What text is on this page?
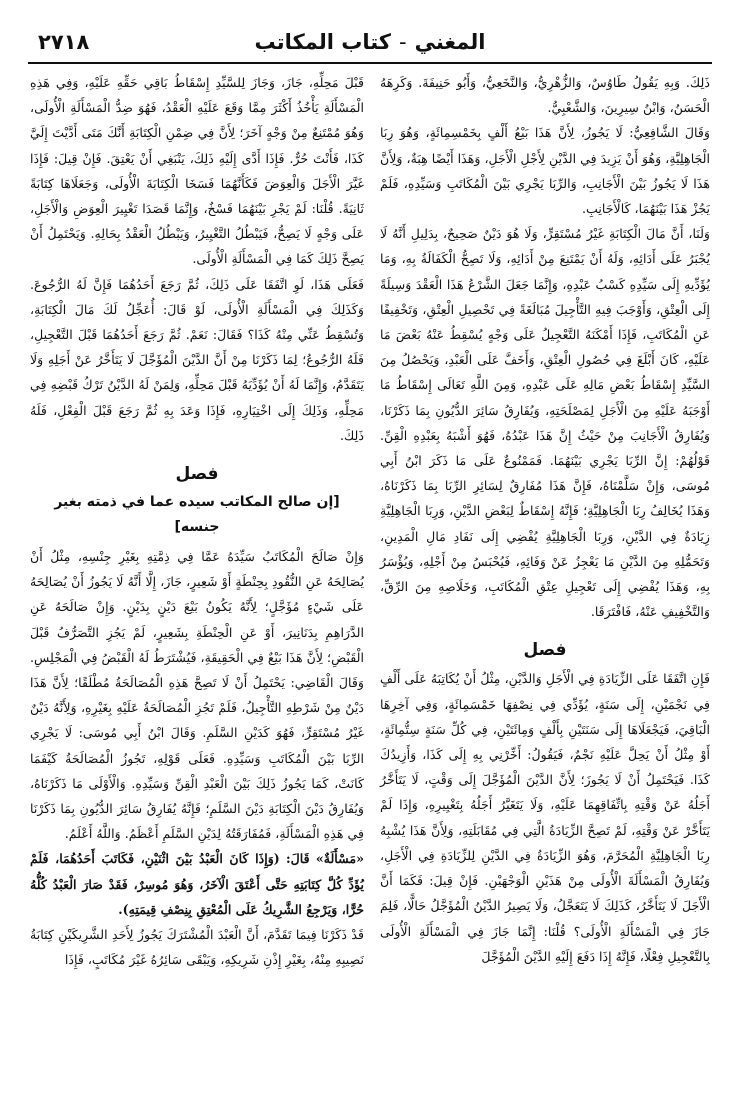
٢٧١٨	المغني-كتاب المكاتب

ذَلِكَ. وَبِهِ يَقُولُ طَاوُسٌ، وَالزُّهْرِيُّ، وَالنَّخَعِيُّ، وَأَبُو حَنِيفَةَ. وَكَرِهَهُ الْحَسَنُ، وَابْنُ سِيرِينَ، وَالشَّعْبِيُّ.

وَقَالَ الشَّافِعِيُّ: لَا يَجُوزُ، لِأَنَّ هَذَا بَيْعُ أَلْفٍ بِخَمْسِمِائَةٍ، وَهُوَ رِبَا الْجَاهِلِيَّةِ، وَهُوَ أَنْ يَزِيدَ فِي الدَّيْنِ لِأَجْلِ الْأَجَلِ، وَهَذَا أَيْضًا هِبَةٌ، وَلِأَنَّ هَذَا لَا يَجُوزُ بَيْنَ الْأَجَانِبِ، وَالرِّبَا يَجْرِي بَيْنَ الْمُكَاتَبِ وَسَيِّدِهِ، فَلَمْ يَجُزْ هَذَا بَيْنَهُمَا، كَالْأَجَانِبِ.

وَلَنَا، أَنَّ مَالَ الْكِتَابَةِ غَيْرُ مُسْتَقِرٍّ، وَلَا هُوَ دَيْنٌ صَحِيحٌ، بِدَلِيلِ أَنَّهُ لَا يُجْبَرُ عَلَى أَدَائِهِ، وَلَهُ أَنْ يَمْتَنِعَ مِنْ أَدَائِهِ، وَلَا تَصِحُّ الْكَفَالَةُ بِهِ، وَمَا يُؤَدِّيهِ إِلَى سَيِّدِهِ كَسْبُ عَبْدِهِ، وَإِنَّمَا جَعَلَ الشَّرْعُ هَذَا الْعَقْدَ وَسِيلَةً إِلَى الْعِتْقِ، وَأَوْجَبَ فِيهِ التَّأْجِيلَ مُبَالَغَةً فِي تَحْصِيلِ الْعِتْقِ، وَتَخْفِيفًا عَنِ الْمُكَاتَبِ، فَإِذَا أَمْكَنَهُ التَّعْجِيلُ عَلَى وَجْهٍ يُسْقِطُ عَنْهُ بَعْضَ مَا عَلَيْهِ، كَانَ أَبْلَغَ فِي حُصُولِ الْعِتْقِ، وَأَخَفَّ عَلَى الْعَبْدِ، وَيَحْصُلُ مِنَ السَّيِّدِ إِسْقَاطُ بَعْضِ مَالِهِ عَلَى عَبْدِهِ، وَمِنَ اللَّهِ تَعَالَى إِسْقَاطُ مَا أَوْجَبَهُ عَلَيْهِ مِنَ الْأَجَلِ لِمَصْلَحَتِهِ، وَيُفَارِقُ سَائِرَ الدُّيُونِ بِمَا ذَكَرْنَا، وَيُفَارِقُ الْأَجَانِبَ مِنْ حَيْثُ إِنَّ هَذَا عَبْدُهُ، فَهُوَ أَشْبَهُ بِعَبْدِهِ الْقِنِّ. قَوْلُهُمْ: إِنَّ الرِّبَا يَجْرِي بَيْنَهُمَا. فَمَمْنُوعٌ عَلَى مَا ذَكَرَ ابْنُ أَبِي مُوسَى، وَإِنْ سَلَّمْنَاهُ، فَإِنَّ هَذَا مُفَارِقٌ لِسَائِرِ الرِّبَا بِمَا ذَكَرْنَاهُ، وَهَذَا يُخَالِفُ رِبَا الْجَاهِلِيَّةِ؛ فَإِنَّهُ إِسْقَاطٌ لِبَعْضِ الدَّيْنِ، وَرِبَا الْجَاهِلِيَّةِ زِيَادَةٌ فِي الدَّيْنِ، وَرِبَا الْجَاهِلِيَّةِ يُفْضِي إِلَى نَفَادِ مَالِ الْمَدِينِ، وَتَحَمُّلِهِ مِنَ الدَّيْنِ مَا يَعْجِزُ عَنْ وَفَائِهِ، فَيُحْبَسُ مِنْ أَجْلِهِ، وَيُؤْسَرُ بِهِ، وَهَذَا يُفْضِي إِلَى تَعْجِيلِ عِتْقِ الْمُكَاتَبِ، وَخَلَاصِهِ مِنَ الرِّقِّ، وَالتَّخْفِيفِ عَنْهُ، فَافْتَرَقَا.

فصل

فَإِنِ اتَّفَقَا عَلَى الزِّيَادَةِ فِي الْأَجَلِ وَالدَّيْنِ، مِثْلُ أَنْ يُكَاتِبَهُ عَلَى أَلْفٍ فِي نَجْمَيْنِ، إِلَى سَنَةٍ، يُؤَدِّي فِي نِصْفِهَا خَمْسَمِائَةٍ، وَفِي آخِرِهَا الْبَاقِيَ، فَيَجْعَلَاهَا إِلَى سَنَتَيْنِ بِأَلْفٍ وَمِائَتَيْنِ، فِي كُلِّ سَنَةٍ سِتُّمِائَةٍ، أَوْ مِثْلُ أَنْ يَحِلَّ عَلَيْهِ نَجْمٌ، فَيَقُولُ: أَخِّرْنِي بِهِ إِلَى كَذَا، وَأَزِيدُكَ كَذَا. فَيَحْتَمِلُ أَنْ لَا يَجُوزَ؛ لِأَنَّ الدَّيْنَ الْمُؤَجَّلَ إِلَى وَقْتٍ، لَا يَتَأَخَّرُ أَجَلُهُ عَنْ وَقْتِهِ بِاتِّفَاقِهِمَا عَلَيْهِ، وَلَا يَتَغَيَّرُ أَجَلُهُ بِتَغْيِيرِهِ، وَإِذَا لَمْ يَتَأَخَّرْ عَنْ وَقْتِهِ، لَمْ تَصِحَّ الزِّيَادَةُ الَّتِي فِي مُقَابَلَتِهِ، وَلِأَنَّ هَذَا يُشْبِهُ رِبَا الْجَاهِلِيَّةِ الْمُحَرَّمَ، وَهُوَ الزِّيَادَةُ فِي الدَّيْنِ لِلزِّيَادَةِ فِي الْأَجَلِ، وَيُفَارِقُ الْمَسْأَلَةَ الْأُولَى مِنْ هَذَيْنِ الْوَجْهَيْنِ. فَإِنْ قِيلَ: فَكَمَا أَنَّ الْأَجَلَ لَا يَتَأَخَّرُ، كَذَلِكَ لَا يَتَعَجَّلُ، وَلَا يَصِيرُ الدَّيْنُ الْمُؤَجَّلُ حَالًّا، فَلِمَ جَازَ فِي الْمَسْأَلَةِ الْأُولَى؟ قُلْنَا: إِنَّمَا جَازَ فِي الْمَسْأَلَةِ الْأُولَى بِالتَّعْجِيلِ فِعْلًا، فَإِنَّهُ إِذَا دَفَعَ إِلَيْهِ الدَّيْنَ الْمُؤَجَّلَ

قَبْلَ مَحِلِّهِ، جَازَ، وَجَازَ لِلسَّيِّدِ إِسْقَاطُ بَاقِي حَقِّهِ عَلَيْهِ، وَفِي هَذِهِ الْمَسْأَلَةِ يَأْخُذُ أَكْثَرَ مِمَّا وَقَعَ عَلَيْهِ الْعَقْدُ، فَهُوَ ضِدُّ الْمَسْأَلَةِ الْأُولَى، وَهُوَ مُمْتَنِعٌ مِنْ وَجْهٍ آخَرَ؛ لِأَنَّ فِي ضِمْنِ الْكِتَابَةِ أَنَّكَ مَتَى أَدَّيْتَ إِلَيَّ كَذَا، فَأَنْتَ حُرٌّ. فَإِذَا أَدَّى إِلَيْهِ ذَلِكَ، يَنْبَغِي أَنْ يَعْتِقَ. فَإِنْ قِيلَ: فَإِذَا غَيَّرَ الْأَجَلَ وَالْعِوَضَ فَكَأَنَّهُمَا فَسَخَا الْكِتَابَةَ الْأُولَى، وَجَعَلَاهَا كِتَابَةً ثَانِيَةً. قُلْنَا: لَمْ يَجْرِ بَيْنَهُمَا فَسْخٌ، وَإِنَّمَا قَصَدَا تَغْيِيرَ الْعِوَضِ وَالْأَجَلِ، عَلَى وَجْهٍ لَا يَصِحُّ، فَيَبْطُلُ التَّغْيِيرُ، وَيَبْطُلُ الْعَقْدُ بِحَالِهِ. وَيَحْتَمِلُ أَنْ يَصِحَّ ذَلِكَ كَمَا فِي الْمَسْأَلَةِ الْأُولَى.

فَعَلَى هَذَا، لَوِ اتَّفَقَا عَلَى ذَلِكَ، ثُمَّ رَجَعَ أَحَدُهُمَا فَإِنَّ لَهُ الرُّجُوعَ. وَكَذَلِكَ فِي الْمَسْأَلَةِ الْأُولَى، لَوْ قَالَ: أُعَجِّلُ لَكَ مَالَ الْكِتَابَةِ، وَتُسْقِطُ عَنِّي مِنْهُ كَذَا؟ فَقَالَ: نَعَمْ. ثُمَّ رَجَعَ أَحَدُهُمَا قَبْلَ التَّعْجِيلِ، فَلَهُ الرُّجُوعُ؛ لِمَا ذَكَرْنَا مِنْ أَنَّ الدَّيْنَ الْمُؤَجَّلَ لَا يَتَأَخَّرُ عَنْ أَجَلِهِ وَلَا يَتَقَدَّمُ، وَإِنَّمَا لَهُ أَنْ يُؤَدِّيَهُ قَبْلَ مَحِلِّهِ، وَلِمَنْ لَهُ الدَّيْنُ تَرْكُ قَبْضِهِ فِي مَحِلِّهِ، وَذَلِكَ إِلَى اخْتِيَارِهِ، فَإِذَا وَعَدَ بِهِ ثُمَّ رَجَعَ قَبْلَ الْفِعْلِ، فَلَهُ ذَلِكَ.

فصل
[إن صالح المكاتب سيده عما في ذمته بغير جنسه]

وَإِنْ صَالَحَ الْمُكَاتَبُ سَيِّدَهُ عَمَّا فِي ذِمَّتِهِ بِغَيْرِ جِنْسِهِ، مِثْلُ أَنْ يُصَالِحَهُ عَنِ النُّقُودِ بِحِنْطَةٍ أَوْ شَعِيرٍ، جَازَ، إِلَّا أَنَّهُ لَا يَجُوزُ أَنْ يُصَالِحَهُ عَلَى شَيْءٍ مُؤَجَّلٍ؛ لِأَنَّهُ يَكُونُ بَيْعَ دَيْنٍ بِدَيْنٍ. وَإِنْ صَالَحَهُ عَنِ الدَّرَاهِمِ بِدَنَانِيرَ، أَوْ عَنِ الْحِنْطَةِ بِشَعِيرٍ، لَمْ يَجُزِ التَّصَرُّفُ قَبْلَ الْقَبْضِ؛ لِأَنَّ هَذَا بَيْعٌ فِي الْحَقِيقَةِ، فَيُشْتَرَطُ لَهُ الْقَبْضُ فِي الْمَجْلِسِ. وَقَالَ الْقَاضِي: يَحْتَمِلُ أَنْ لَا تَصِحَّ هَذِهِ الْمُصَالَحَةُ مُطْلَقًا؛ لِأَنَّ هَذَا دَيْنٌ مِنْ شَرْطِهِ التَّأْجِيلُ، فَلَمْ تَجُزِ الْمُصَالَحَةُ عَلَيْهِ بِغَيْرِهِ، وَلِأَنَّهُ دَيْنٌ غَيْرُ مُسْتَقِرٍّ، فَهُوَ كَدَيْنِ السَّلَمِ. وَقَالَ ابْنُ أَبِي مُوسَى: لَا يَجْرِي الرِّبَا بَيْنَ الْمُكَاتَبِ وَسَيِّدِهِ. فَعَلَى قَوْلِهِ، تَجُوزُ الْمُصَالَحَةُ كَيْفَمَا كَانَتْ، كَمَا يَجُوزُ ذَلِكَ بَيْنَ الْعَبْدِ الْقِنِّ وَسَيِّدِهِ. وَالْأَوْلَى مَا ذَكَرْنَاهُ، وَيُفَارِقُ دَيْنَ الْكِتَابَةِ دَيْنَ السَّلَمِ؛ فَإِنَّهُ يُفَارِقُ سَائِرَ الدُّيُونِ بِمَا ذَكَرْنَا فِي هَذِهِ الْمَسْأَلَةِ، فَمُفَارَقَتُهُ لِدَيْنِ السَّلَمِ أَعْظَمُ. وَاللَّهُ أَعْلَمُ.

«مَسْأَلَةٌ» قَالَ: (وَإِذَا كَانَ الْعَبْدُ بَيْنَ اثْنَيْنِ، فَكَاتَبَ أَحَدُهُمَا، فَلَمْ يُؤَدِّ كُلَّ كِتَابَتِهِ حَتَّى أَعْتَقَ الْآخَرُ، وَهُوَ مُوسِرٌ، فَقَدْ صَارَ الْعَبْدُ كُلُّهُ حُرًّا، وَيَرْجِعُ الشَّرِيكُ عَلَى الْمُعْتِقِ بِنِصْفِ قِيمَتِهِ).

قَدْ ذَكَرْنَا فِيمَا تَقَدَّمَ، أَنَّ الْعَبْدَ الْمُشْتَرَكَ يَجُوزُ لِأَحَدِ الشَّرِيكَيْنِ كِتَابَةُ نَصِيبِهِ مِنْهُ، بِغَيْرِ إِذْنِ شَرِيكِهِ، وَيَبْقَى سَائِرُهُ غَيْرَ مُكَاتَبٍ، فَإِذَا
